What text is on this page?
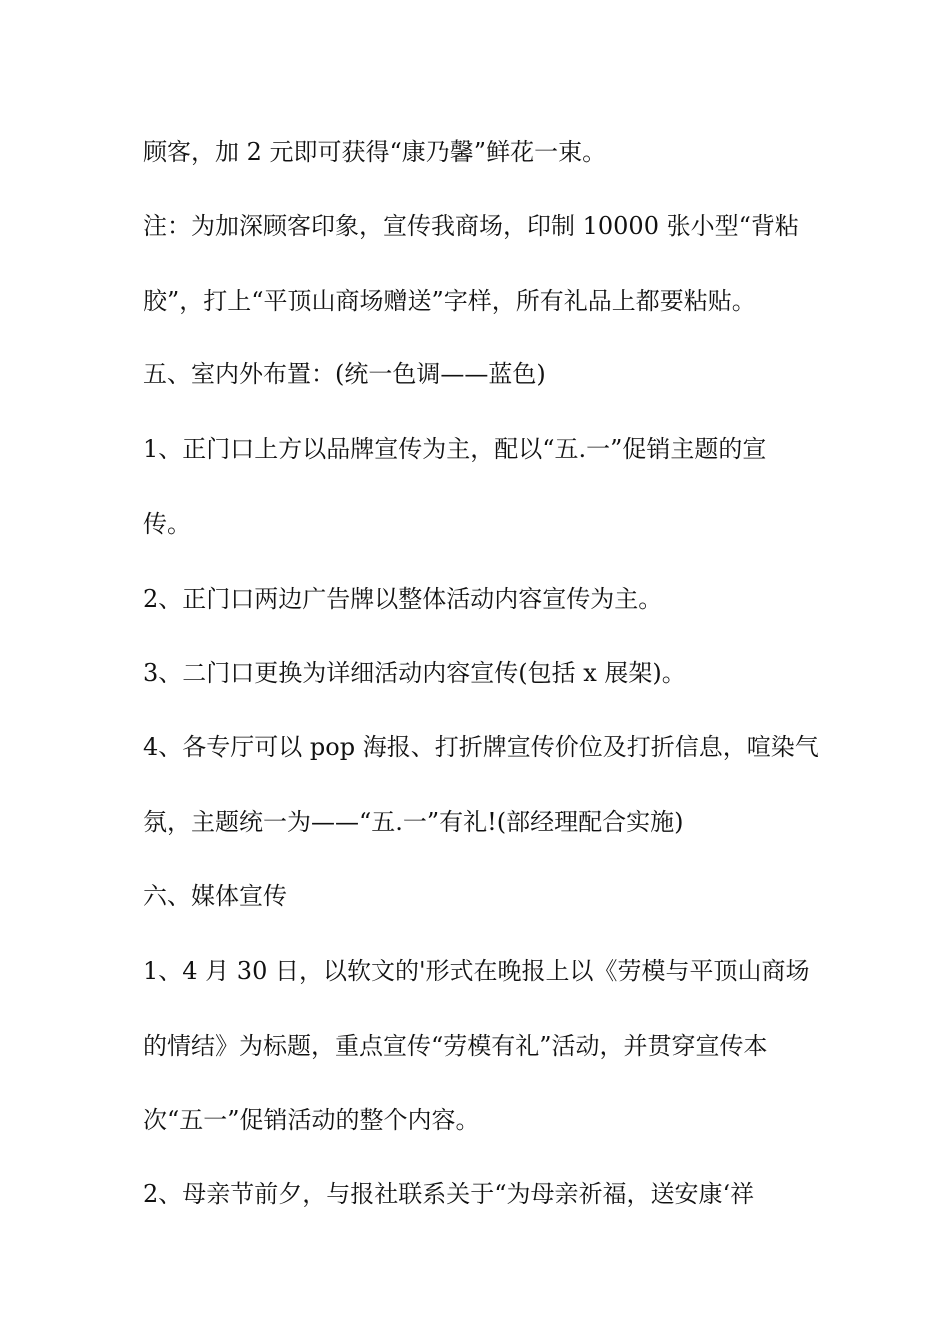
顾客，加 2 元即可获得“康乃馨”鲜花一束。
注：为加深顾客印象，宣传我商场，印制 10000 张小型“背粘
胶”，打上“平顶山商场赠送”字样，所有礼品上都要粘贴。
五、室内外布置：(统一色调——蓝色)
1、正门口上方以品牌宣传为主，配以“五.一”促销主题的宣
传。
2、正门口两边广告牌以整体活动内容宣传为主。
3、二门口更换为详细活动内容宣传(包括 x 展架)。
4、各专厅可以 pop 海报、打折牌宣传价位及打折信息，喧染气
氛，主题统一为——“五.一”有礼!(部经理配合实施)
六、媒体宣传
1、4 月 30 日，以软文的'形式在晚报上以《劳模与平顶山商场
的情结》为标题，重点宣传“劳模有礼”活动，并贯穿宣传本
次“五一”促销活动的整个内容。
2、母亲节前夕，与报社联系关于“为母亲祈福，送安康‘祥
